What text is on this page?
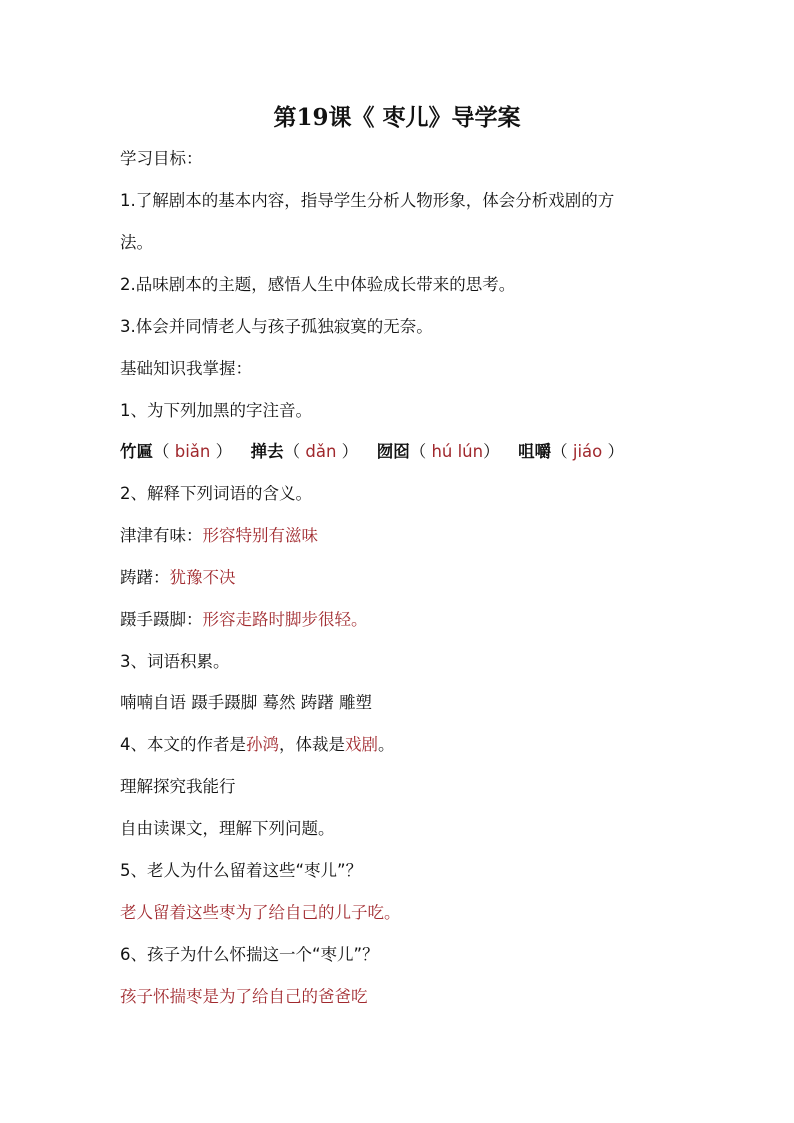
第19课《 枣儿》导学案
学习目标：
1.了解剧本的基本内容，指导学生分析人物形象，体会分析戏剧的方
法。
2.品味剧本的主题，感悟人生中体验成长带来的思考。
3.体会并同情老人与孩子孤独寂寞的无奈。
基础知识我掌握：
1、为下列加黑的字注音。
竹匾（ biǎn ） 掸去（ dǎn ） 囫囵（ hú lún） 咀嚼（ jiáo ）
2、解释下列词语的含义。
津津有味：形容特别有滋味
踌躇：犹豫不决
蹑手蹑脚：形容走路时脚步很轻。
3、词语积累。
喃喃自语 蹑手蹑脚 蓦然 踌躇 雕塑
4、本文的作者是孙鸿，体裁是戏剧。
理解探究我能行
自由读课文，理解下列问题。
5、老人为什么留着这些“枣儿”？
老人留着这些枣为了给自己的儿子吃。
6、孩子为什么怀揣这一个“枣儿”？
孩子怀揣枣是为了给自己的爸爸吃
